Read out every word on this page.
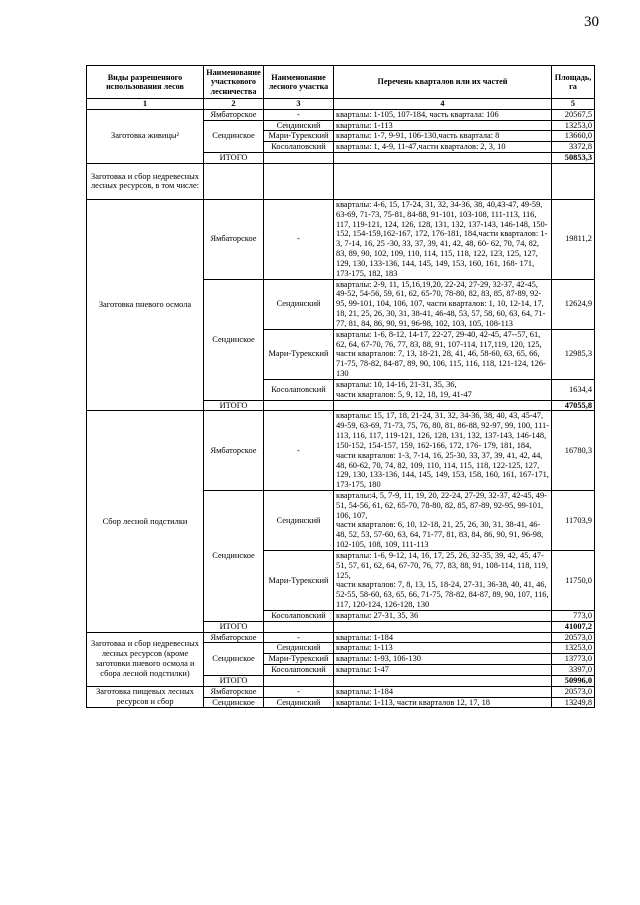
30
Виды разрешенного использования лесов	Наименование участкового лесничества	Наименование лесного участка	Перечень кварталов или их частей	Площадь, га
1	2	3	4	5
Заготовка живицы²	Ямбаторское	-	кварталы: 1-105, 107-184, часть квартала: 106	20567,5
	Сендинское	Сендинский	кварталы: 1-113	13253,0
		Мари-Турекский	кварталы: 1-7, 9-91, 106-130,часть квартала: 8	13660,0
		Косолаповский	кварталы: 1, 4-9, 11-47,части кварталов: 2, 3, 10	3372,8
	ИТОГО			50853,3
Заготовка и сбор недревесных лесных ресурсов, в том числе:				
Заготовка пневого осмола	Ямбаторское	-	кварталы: 4-6, 15, 17-24, 31, 32, 34-36, 38, 40,43-47, 49-59, 63-69, 71-73, 75-81, 84-88, 91-101, 103-108, 111-113, 116, 117, 119-121, 124, 126, 128, 131, 132, 137-143, 146-148, 150-152, 154-159,162-167, 172, 176-181, 184,части кварталов: 1-3, 7-14, 16, 25 -30, 33, 37, 39, 41, 42, 48, 60- 62, 70, 74, 82, 83, 89, 90, 102, 109, 110, 114, 115, 118, 122, 123, 125, 127, 129, 130, 133-136, 144, 145, 149, 153, 160, 161, 168- 171, 173-175, 182, 183	19811,2
	Сендинское	Сендинский	кварталы: 2-9, 11, 15,16,19,20, 22-24, 27-29, 32-37, 42-45, 49-52, 54-56, 59, 61, 62, 65-70, 78-80, 82, 83, 85, 87-89, 92-95, 99-101, 104, 106, 107, части кварталов: 1, 10, 12-14, 17, 18, 21, 25, 26, 30, 31, 38-41, 46-48, 53, 57, 58, 60, 63, 64, 71-77, 81, 84, 86, 90, 91, 96-98, 102, 103, 105, 108-113	12624,9
		Мари-Турекский	кварталы: 1-6, 8-12, 14-17, 22-27, 29-40, 42-45, 47--57, 61, 62, 64, 67-70, 76, 77, 83, 88, 91, 107-114, 117,119, 120, 125, части кварталов: 7, 13, 18-21, 28, 41, 46, 58-60, 63, 65, 66, 71-75, 78-82, 84-87, 89, 90, 106, 115, 116, 118, 121-124, 126-130	12985,3
		Косолаповский	кварталы: 10, 14-16, 21-31, 35, 36,
части кварталов: 5, 9, 12, 18, 19, 41-47	1634,4
	ИТОГО			47055,8
Сбор лесной подстилки	Ямбаторское	-	кварталы: 15, 17, 18, 21-24, 31, 32, 34-36, 38, 40, 43, 45-47, 49-59, 63-69, 71-73, 75, 76, 80, 81, 86-88, 92-97, 99, 100, 111-113, 116, 117, 119-121, 126, 128, 131, 132, 137-143, 146-148, 150-152, 154-157, 159, 162-166, 172, 176- 179, 181, 184, части кварталов: 1-3, 7-14, 16, 25-30, 33, 37, 39, 41, 42, 44, 48, 60-62, 70, 74, 82, 109, 110, 114, 115, 118, 122-125, 127, 129, 130, 133-136, 144, 145, 149, 153, 158, 160, 161, 167-171, 173-175, 180	16780,3
	Сендинское	Сендинский	кварталы:4, 5, 7-9, 11, 19, 20, 22-24, 27-29, 32-37, 42-45, 49-51, 54-56, 61, 62, 65-70, 78-80, 82, 85, 87-89, 92-95, 99-101, 106, 107,
части кварталов: 6, 10, 12-18, 21, 25, 26, 30, 31, 38-41, 46-48, 52, 53, 57-60, 63, 64, 71-77, 81, 83, 84, 86, 90, 91, 96-98, 102-105, 108, 109, 111-113	11703,9
		Мари-Турекский	кварталы: 1-6, 9-12, 14, 16, 17, 25, 26, 32-35, 39, 42, 45, 47-51, 57, 61, 62, 64, 67-70, 76, 77, 83, 88, 91, 108-114, 118, 119, 125,
части кварталов: 7, 8, 13, 15, 18-24, 27-31, 36-38, 40, 41, 46, 52-55, 58-60, 63, 65, 66, 71-75, 78-82, 84-87, 89, 90, 107, 116, 117, 120-124, 126-128, 130	11750,0
		Косолаповский	кварталы: 27-31, 35, 36	773,0
	ИТОГО			41007,2
Заготовка и сбор недревесных лесных ресурсов (кроме заготовки пневого осмола и сбора лесной подстилки)	Ямбаторское	-	кварталы: 1-184	20573,0
	Сендинское	Сендинский	кварталы: 1-113	13253,0
		Мари-Турекский	кварталы: 1-93, 106-130	13773,0
		Косолаповский	кварталы: 1-47	3397,0
	ИТОГО			50996,0
Заготовка пищевых лесных ресурсов и сбор	Ямбаторское	-	кварталы: 1-184	20573,0
	Сендинское	Сендинский	кварталы: 1-113, части кварталов 12, 17, 18	13249,8
